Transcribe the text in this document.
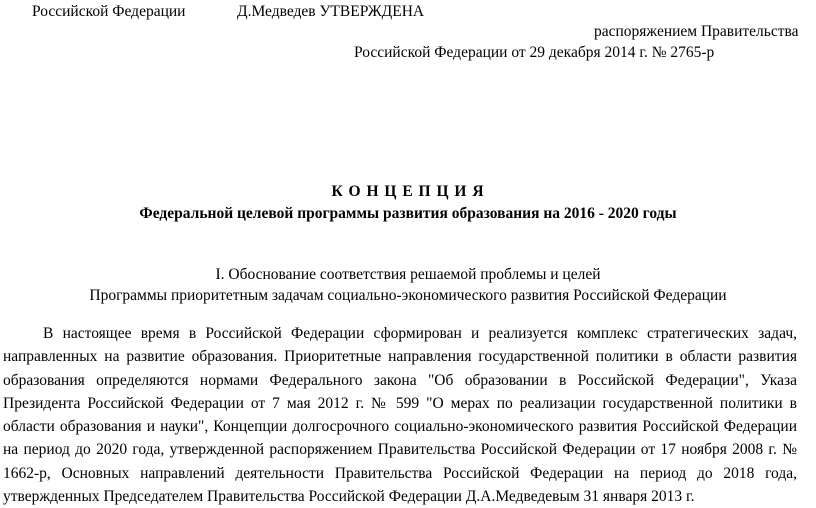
Российской Федерации	Д.Медведев УТВЕРЖДЕНА
распоряжением Правительства
Российской Федерации от 29 декабря 2014 г. № 2765-р
К О Н Ц Е П Ц И Я
Федеральной целевой программы развития образования на 2016 - 2020 годы
I. Обоснование соответствия решаемой проблемы и целей
Программы приоритетным задачам социально-экономического развития Российской Федерации

В настоящее время в Российской Федерации сформирован и реализуется комплекс стратегических задач, направленных на развитие образования. Приоритетные направления государственной политики в области развития образования определяются нормами Федерального закона "Об образовании в Российской Федерации", Указа Президента Российской Федерации от 7 мая 2012 г. № 599 "О мерах по реализации государственной политики в области образования и науки", Концепции долгосрочного социально-экономического развития Российской Федерации на период до 2020 года, утвержденной распоряжением Правительства Российской Федерации от 17 ноября 2008 г. № 1662-р, Основных направлений деятельности Правительства Российской Федерации на период до 2018 года, утвержденных Председателем Правительства Российской Федерации Д.А.Медведевым 31 января 2013 г.
